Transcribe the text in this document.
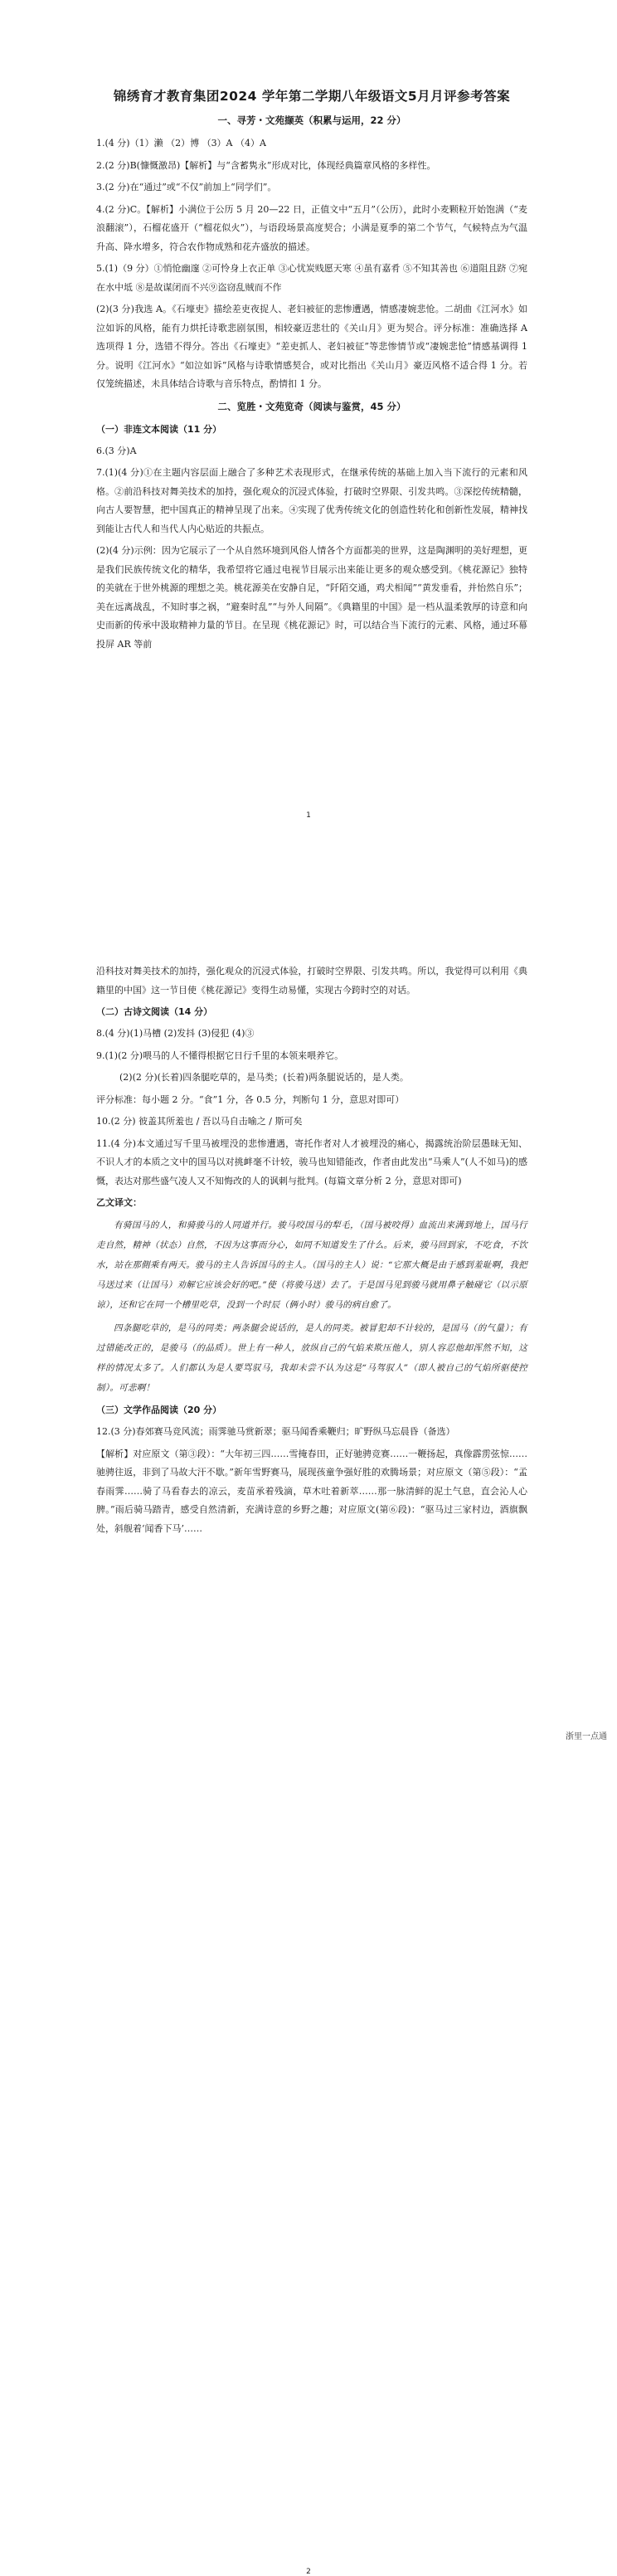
锦绣育才教育集团2024 学年第二学期八年级语文5月月评参考答案
一、寻芳・文苑撷英（积累与运用，22 分）
1.(4 分)（1）濑 （2）博 （3）A （4）A
2.(2 分)B(慷慨激昂)【解析】与“含蓄隽永”形成对比，体现经典篇章风格的多样性。
3.(2 分)在“通过”或“不仅”前加上“同学们”。
4.(2 分)C。【解析】小满位于公历 5 月 20—22 日，正值文中“五月”（公历），此时小麦颗粒开始饱满（“麦浪翻滚”），石榴花盛开（“榴花似火”），与语段场景高度契合；小满是夏季的第二个节气，气候特点为气温升高、降水增多，符合农作物成熟和花卉盛放的描述。
5.(1)（9 分）①悄怆幽邃 ②可怜身上衣正单 ③心忧炭贱愿天寒 ④虽有嘉肴 ⑤不知其善也 ⑥道阻且跻 ⑦宛在水中坻 ⑧是故谋闭而不兴⑨盗窃乱贼而不作
(2)(3 分)我选 A。《石壕吏》描绘差吏夜捉人、老妇被征的悲惨遭遇，情感凄婉悲怆。二胡曲《江河水》如泣如诉的风格，能有力烘托诗歌悲剧氛围，相较豪迈悲壮的《关山月》更为契合。评分标准：准确选择 A 选项得 1 分，选错不得分。答出《石壕吏》“差吏抓人、老妇被征”等悲惨情节或“凄婉悲怆”情感基调得 1 分。说明《江河水》“如泣如诉”风格与诗歌情感契合，或对比指出《关山月》豪迈风格不适合得 1 分。若仅笼统描述，未具体结合诗歌与音乐特点，酌情扣 1 分。
二、览胜・文苑览奇（阅读与鉴赏，45 分）
（一）非连文本阅读（11 分）
6.(3 分)A
7.(1)(4 分)①在主题内容层面上融合了多种艺术表现形式，在继承传统的基础上加入当下流行的元素和风格。②前沿科技对舞美技术的加持，强化观众的沉浸式体验，打破时空界限、引发共鸣。③深挖传统精髓，向古人要智慧，把中国真正的精神呈现了出来。④实现了优秀传统文化的创造性转化和创新性发展，精神找到能让古代人和当代人内心贴近的共振点。
(2)(4 分)示例：因为它展示了一个从自然环境到风俗人情各个方面都美的世界，这是陶渊明的美好理想，更是我们民族传统文化的精华，我希望将它通过电视节目展示出来能让更多的观众感受到。《桃花源记》独特的美就在于世外桃源的理想之美。桃花源美在安静自足，“阡陌交通，鸡犬相闻”“黄发垂看，并怡然自乐”；美在远离战乱，不知时事之祸，“避秦时乱”“与外人间隔”。《典籍里的中国》是一档从温柔敦厚的诗意和向史而新的传承中汲取精神力量的节目。在呈现《桃花源记》时，可以结合当下流行的元素、风格，通过环幕投屏 AR 等前
1
沿科技对舞美技术的加持，强化观众的沉浸式体验，打破时空界限、引发共鸣。所以，我觉得可以利用《典籍里的中国》这一节目使《桃花源记》变得生动易懂，实现古今跨时空的对话。
（二）古诗文阅读（14 分）
8.(4 分)(1)马槽 (2)发抖 (3)侵犯 (4)③
9.(1)(2 分)喂马的人不懂得根据它日行千里的本领来喂养它。
(2)(2 分)(长着)四条腿吃草的，是马类；(长着)两条腿说话的，是人类。
评分标准：每小题 2 分。“食”1 分，各 0.5 分，判断句 1 分，意思对即可）
10.(2 分) 彼盖其所羞也 / 吾以马自击喻之 / 斯可矣
11.(4 分)本文通过写千里马被埋没的悲惨遭遇，寄托作者对人才被埋没的痛心，揭露统治阶层愚昧无知、不识人才的本质之文中的国马以对挑衅毫不计较，骏马也知错能改，作者由此发出“马乘人”(人不如马)的感慨，表达对那些盛气凌人又不知悔改的人的讽刺与批判。(每篇文章分析 2 分，意思对即可)
乙文译文：
有骑国马的人，和骑骏马的人同道并行。骏马咬国马的犁毛，（国马被咬得）血流出来满到地上，国马行走自然，精神（状态）自然，不因为这事而分心，如同不知道发生了什么。后来，骏马回到家，不吃食，不饮水，站在那側乘有两天。骏马的主人告诉国马的主人。（国马的主人）说：“它那大概是由于感到羞耻啊，我把马送过来（让国马）劝解它应该会好的吧。”使（将骏马送）去了。于是国马见到骏马就用鼻子触碰它（以示原谅），还和它在同一个槽里吃草，没到一个时辰（俩小时）骏马的病自愈了。
四条腿吃草的，是马的同类；两条腿会说话的，是人的同类。被冒犯却不计较的，是国马（的气量）；有过错能改正的，是骏马（的品质）。世上有一种人，放纵自己的气焰来欺压他人，别人容忍他却浑然不知，这样的情况太多了。人们都认为是人要骂驭马，我却未尝不认为这是“马驾驭人”（即人被自己的气焰所驱使控制）。可悲啊！
（三）文学作品阅读（20 分）
12.(3 分)春郊赛马竞风流；雨霁驰马赏新翠；驱马闻香乘鞭归；旷野纵马忘晨昏（备选）
【解析】对应原文（第③段）：“大年初三四……雪掩春田，正好驰骋竞赛……一鞭扬起，真像霹雳弦惊……驰骋往返，非到了马故大汗不歇。”新年雪野赛马，展现孩童争强好胜的欢腾场景；对应原文（第⑤段）：“孟春雨霁……骑了马看春去的凉云，麦苗承着残滴，草木吐着新萃……那一脉清鲜的泥土气息，直会沁人心脾。”雨后骑马踏青，感受自然清新，充满诗意的乡野之趣；对应原文(第⑥段)：“驱马过三家村边，酒旗飘处，斜舰着‘闻香下马’……
2
浙里一点通
